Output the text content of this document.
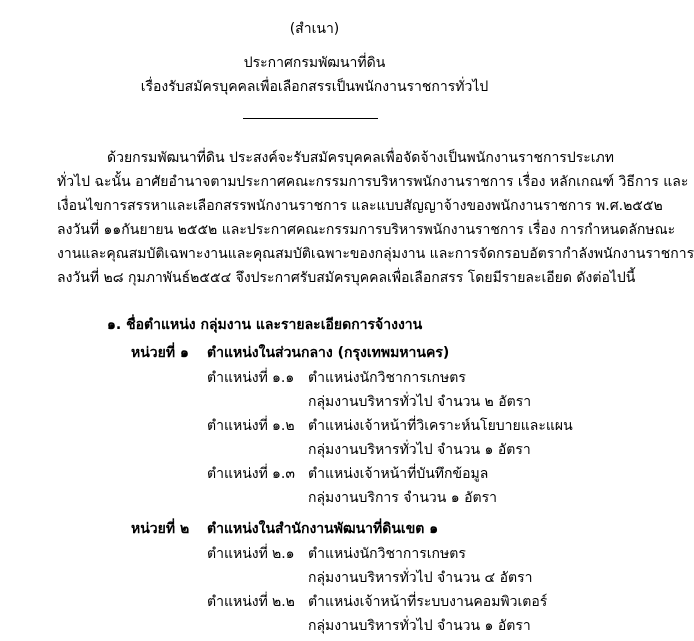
(สำเนา)
ประกาศกรมพัฒนาที่ดิน
เรื่องรับสมัครบุคคลเพื่อเลือกสรรเป็นพนักงานราชการทั่วไป
ด้วยกรมพัฒนาที่ดิน ประสงค์จะรับสมัครบุคคลเพื่อจัดจ้างเป็นพนักงานราชการประเภท
ทั่วไป ฉะนั้น อาศัยอำนาจตามประกาศคณะกรรมการบริหารพนักงานราชการ เรื่อง หลักเกณฑ์ วิธีการ และ
เงื่อนไขการสรรหาและเลือกสรรพนักงานราชการ และแบบสัญญาจ้างของพนักงานราชการ พ.ศ.๒๕๕๒
ลงวันที่ ๑๑กันยายน ๒๕๕๒ และประกาศคณะกรรมการบริหารพนักงานราชการ เรื่อง การกำหนดลักษณะ
งานและคุณสมบัติเฉพาะงานและคุณสมบัติเฉพาะของกลุ่มงาน และการจัดกรอบอัตรากำลังพนักงานราชการ
ลงวันที่ ๒๘ กุมภาพันธ์๒๕๕๔ จึงประกาศรับสมัครบุคคลเพื่อเลือกสรร โดยมีรายละเอียด ดังต่อไปนี้
๑. ชื่อตำแหน่ง กลุ่มงาน และรายละเอียดการจ้างงาน
หน่วยที่ ๑ ตำแหน่งในส่วนกลาง (กรุงเทพมหานคร)
ตำแหน่งที่ ๑.๑ ตำแหน่งนักวิชาการเกษตร
กลุ่มงานบริหารทั่วไป จำนวน ๒ อัตรา
ตำแหน่งที่ ๑.๒ ตำแหน่งเจ้าหน้าที่วิเคราะห์นโยบายและแผน
กลุ่มงานบริหารทั่วไป จำนวน ๑ อัตรา
ตำแหน่งที่ ๑.๓ ตำแหน่งเจ้าหน้าที่บันทึกข้อมูล
กลุ่มงานบริการ จำนวน ๑ อัตรา
หน่วยที่ ๒ ตำแหน่งในสำนักงานพัฒนาที่ดินเขต ๑
ตำแหน่งที่ ๒.๑ ตำแหน่งนักวิชาการเกษตร
กลุ่มงานบริหารทั่วไป จำนวน ๔ อัตรา
ตำแหน่งที่ ๒.๒ ตำแหน่งเจ้าหน้าที่ระบบงานคอมพิวเตอร์
กลุ่มงานบริหารทั่วไป จำนวน ๑ อัตรา
